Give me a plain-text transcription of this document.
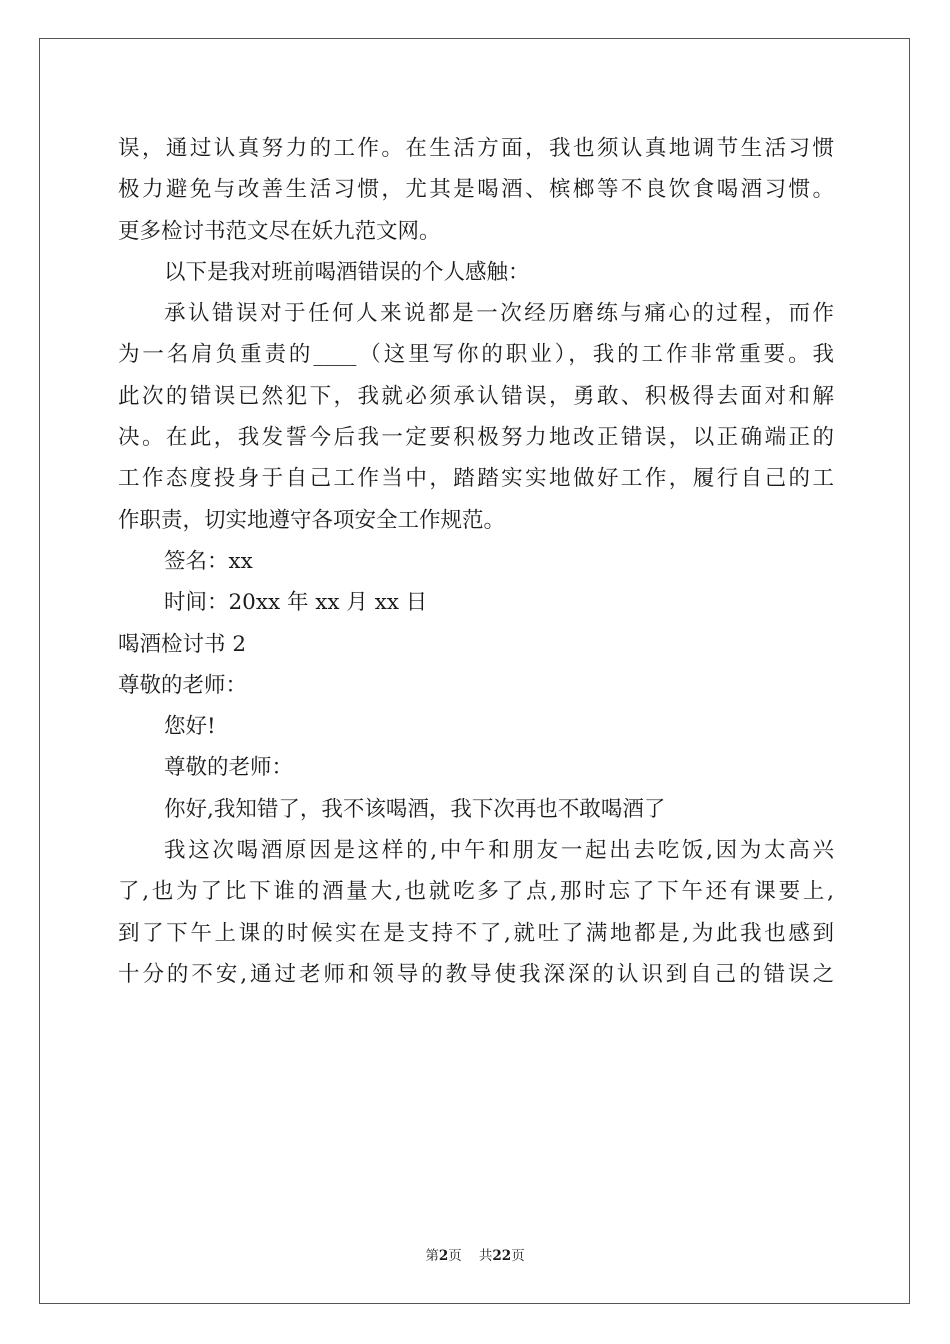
误，通过认真努力的工作。在生活方面，我也须认真地调节生活习惯
极力避免与改善生活习惯，尤其是喝酒、槟榔等不良饮食喝酒习惯。
更多检讨书范文尽在妖九范文网。
以下是我对班前喝酒错误的个人感触：
承认错误对于任何人来说都是一次经历磨练与痛心的过程，而作
为一名肩负重责的____（这里写你的职业），我的工作非常重要。我
此次的错误已然犯下，我就必须承认错误，勇敢、积极得去面对和解
决。在此，我发誓今后我一定要积极努力地改正错误，以正确端正的
工作态度投身于自己工作当中，踏踏实实地做好工作，履行自己的工
作职责，切实地遵守各项安全工作规范。
签名：xx
时间：20xx 年 xx 月 xx 日
喝酒检讨书 2
尊敬的老师：
您好!
尊敬的老师：
你好,我知错了，我不该喝酒，我下次再也不敢喝酒了
我这次喝酒原因是这样的,中午和朋友一起出去吃饭,因为太高兴
了,也为了比下谁的酒量大,也就吃多了点,那时忘了下午还有课要上,
到了下午上课的时候实在是支持不了,就吐了满地都是,为此我也感到
十分的不安,通过老师和领导的教导使我深深的认识到自己的错误之
第2页 共22页
